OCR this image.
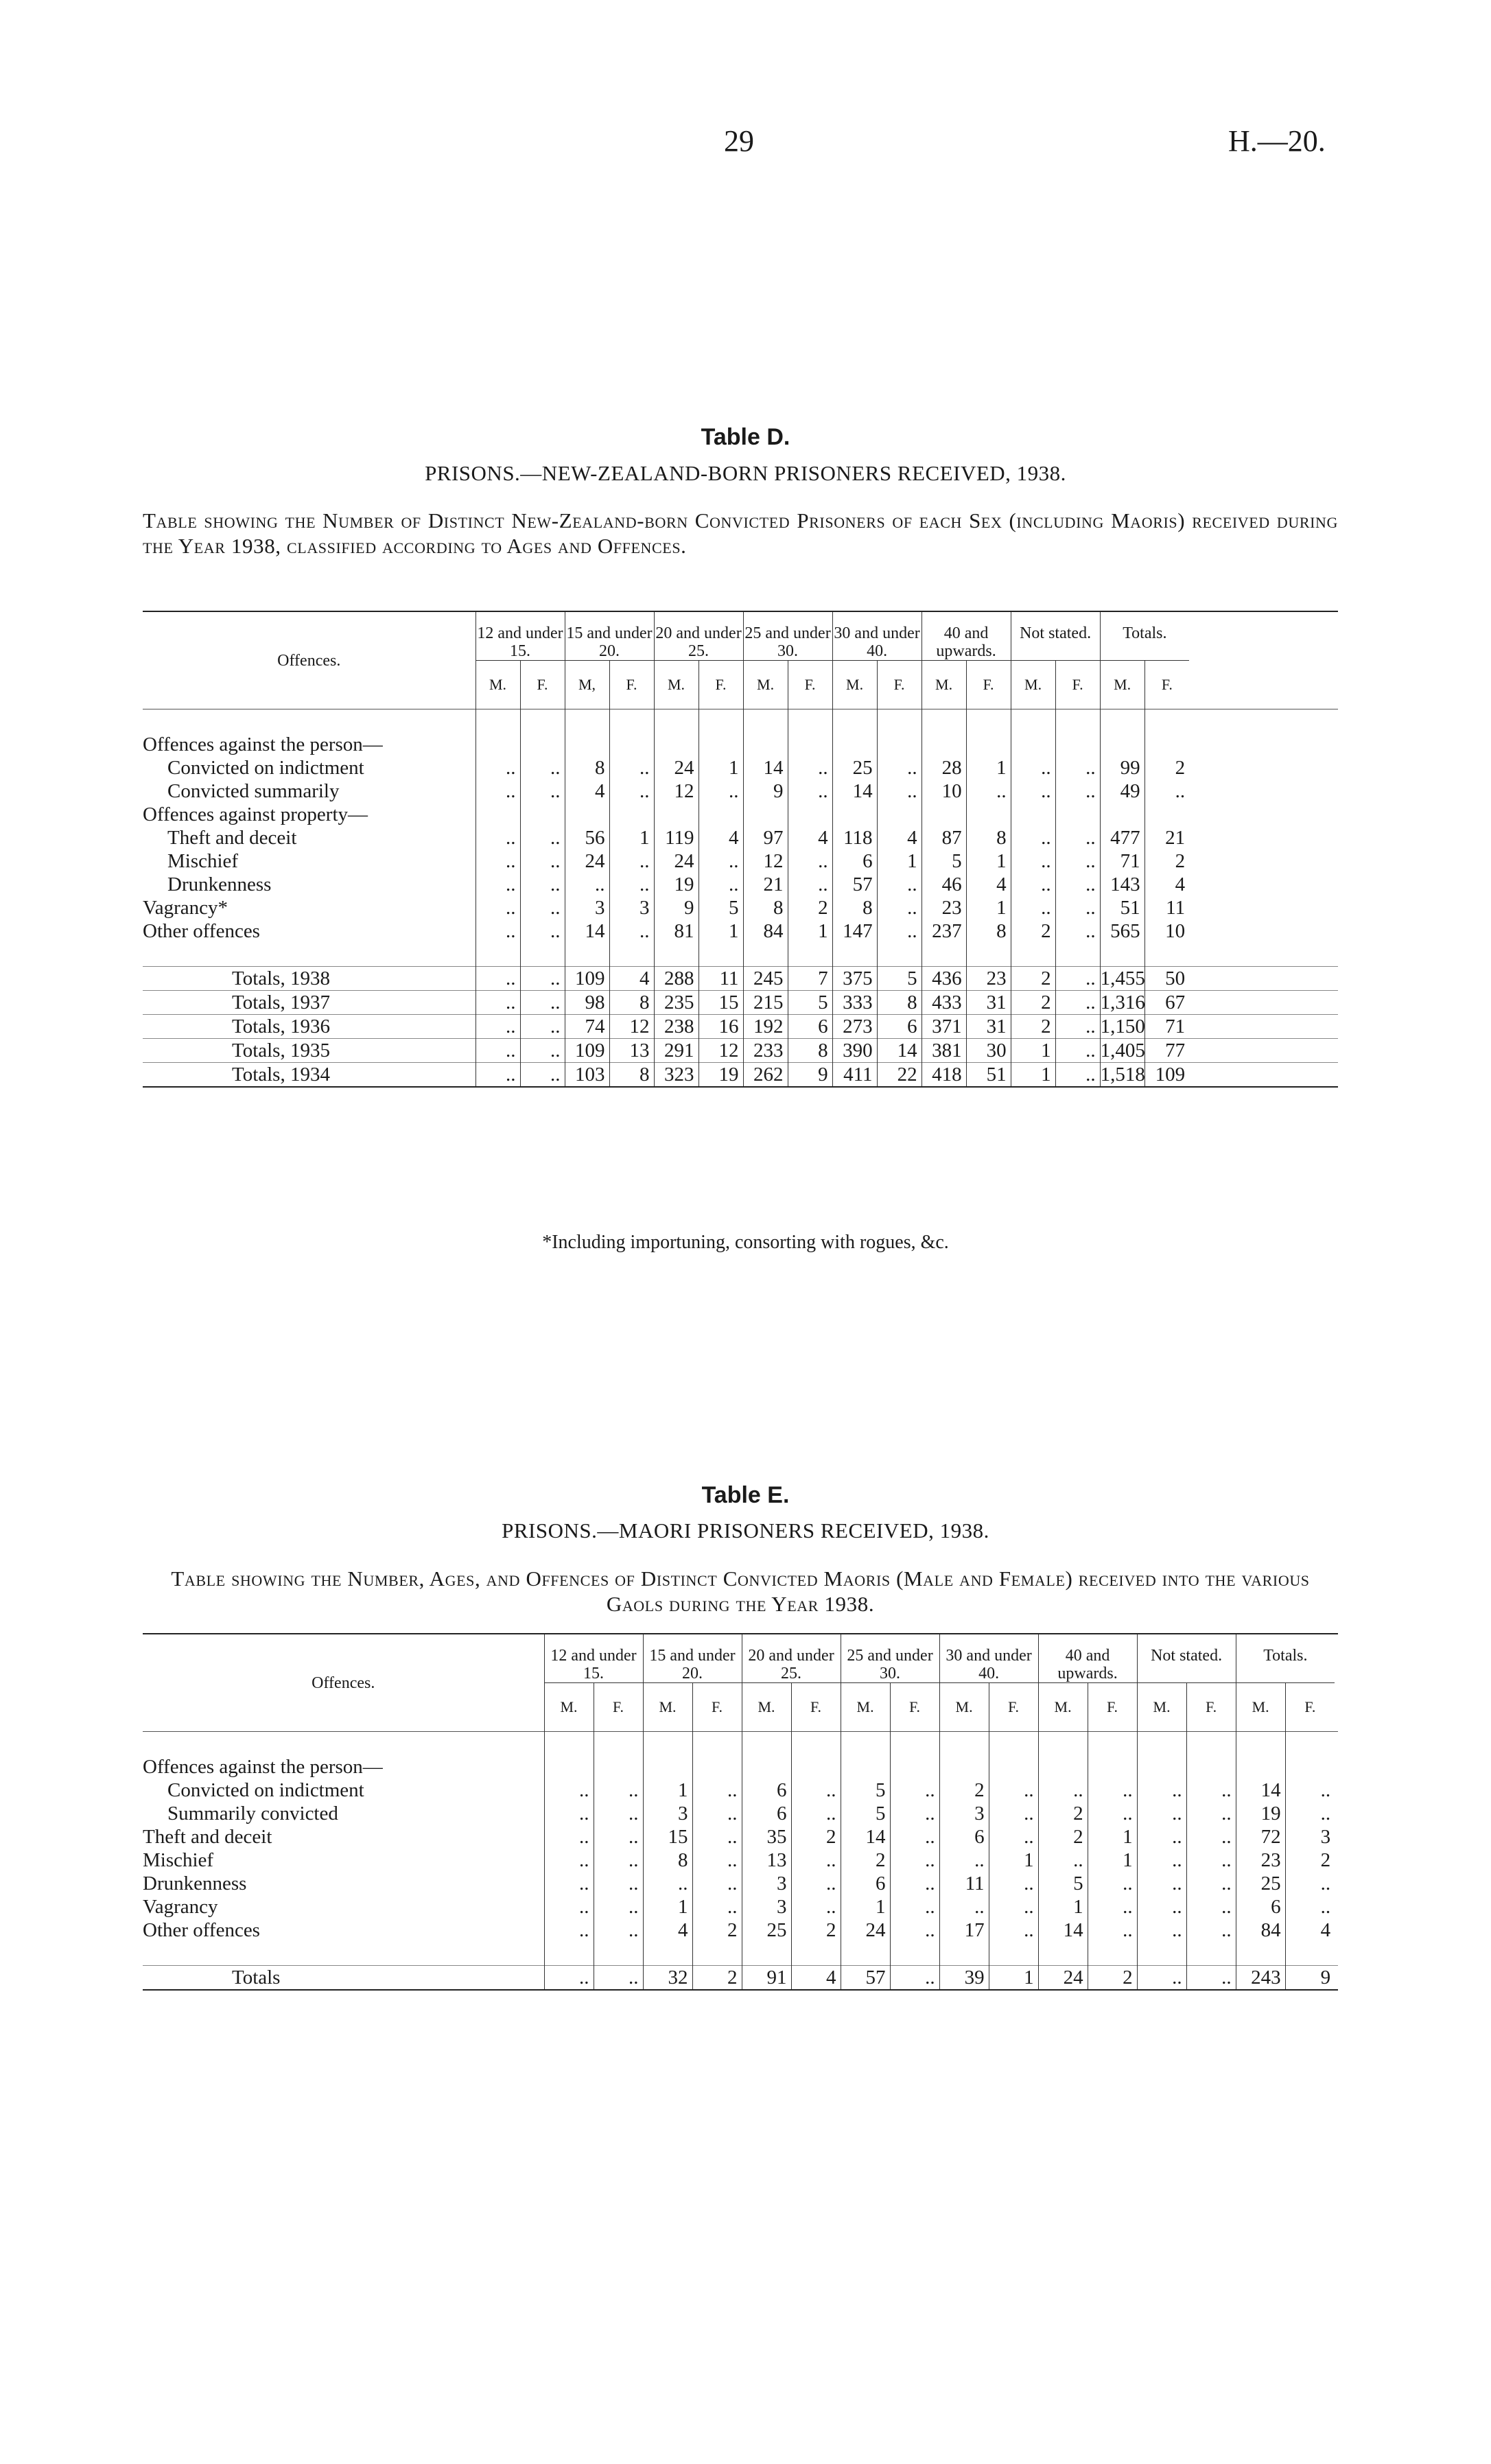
29	H.—20.
Table D.
PRISONS.—NEW-ZEALAND-BORN PRISONERS RECEIVED, 1938.
Table showing the Number of Distinct New-Zealand-born Convicted Prisoners of each Sex (including Maoris) received during the Year 1938, classified according to Ages and Offences.
Offences.	12 and under 15.		15 and under 20.		20 and under 25.		25 and under 30.		30 and under 40.		40 and upwards.		Not stated.		Totals.		
	M.	F.	M,	F.	M.	F.	M.	F.	M.	F.	M.	F.	M.	F.	M.	F.	

Offences against the person—																	
Convicted on indictment	..	..	8	..	24	1	14	..	25	..	28	1	..	..	99	2	
Convicted summarily	..	..	4	..	12	..	9	..	14	..	10	..	..	..	49	..	
Offences against property—																	
Theft and deceit	..	..	56	1	119	4	97	4	118	4	87	8	..	..	477	21	
Mischief	..	..	24	..	24	..	12	..	6	1	5	1	..	..	71	2	
Drunkenness	..	..	..	..	19	..	21	..	57	..	46	4	..	..	143	4	
Vagrancy*	..	..	3	3	9	5	8	2	8	..	23	1	..	..	51	11	
Other offences	..	..	14	..	81	1	84	1	147	..	237	8	2	..	565	10	

Totals, 1938	..	..	109	4	288	11	245	7	375	5	436	23	2	..	1,455	50	
Totals, 1937	..	..	98	8	235	15	215	5	333	8	433	31	2	..	1,316	67	
Totals, 1936	..	..	74	12	238	16	192	6	273	6	371	31	2	..	1,150	71	
Totals, 1935	..	..	109	13	291	12	233	8	390	14	381	30	1	..	1,405	77	
Totals, 1934	..	..	103	8	323	19	262	9	411	22	418	51	1	..	1,518	109	
*Including importuning, consorting with rogues, &c.
Table E.
PRISONS.—MAORI PRISONERS RECEIVED, 1938.
Table showing the Number, Ages, and Offences of Distinct Convicted Maoris (Male and Female) received into the various Gaols during the Year 1938.
Offences.	12 and under 15.		15 and under 20.		20 and under 25.		25 and under 30.		30 and under 40.		40 and upwards.		Not stated.		Totals.		
	M.	F.	M.	F.	M.	F.	M.	F.	M.	F.	M.	F.	M.	F.	M.	F.	

Offences against the person—																	
Convicted on indictment	..	..	1	..	6	..	5	..	2	..	..	..	..	..	14	..	
Summarily convicted	..	..	3	..	6	..	5	..	3	..	2	..	..	..	19	..	
Theft and deceit	..	..	15	..	35	2	14	..	6	..	2	1	..	..	72	3	
Mischief	..	..	8	..	13	..	2	..	..	1	..	1	..	..	23	2	
Drunkenness	..	..	..	..	3	..	6	..	11	..	5	..	..	..	25	..	
Vagrancy	..	..	1	..	3	..	1	..	..	..	1	..	..	..	6	..	
Other offences	..	..	4	2	25	2	24	..	17	..	14	..	..	..	84	4	

Totals	..	..	32	2	91	4	57	..	39	1	24	2	..	..	243	9	
